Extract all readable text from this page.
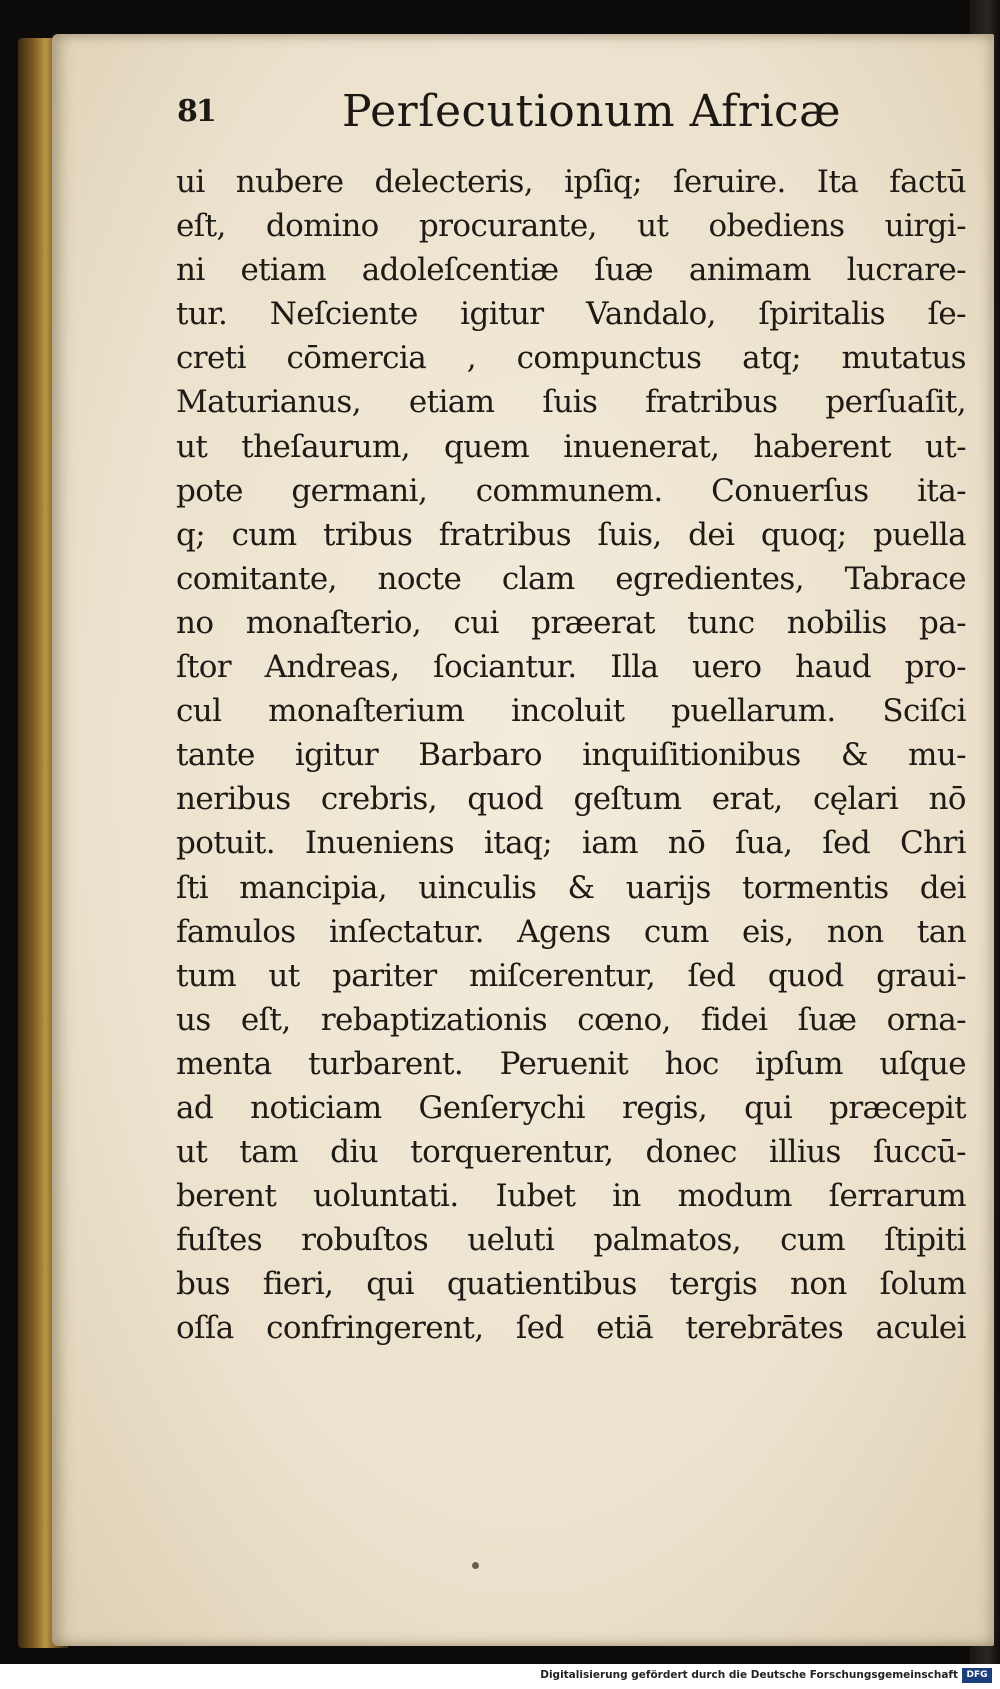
81	Perſecutionum Africæ
ui nubere delecteris, ipſiq; ſeruire. Ita factū
eſt, domino procurante, ut obediens uirgi-
ni etiam adoleſcentiæ ſuæ animam lucrare-
tur. Neſciente igitur Vandalo, ſpiritalis ſe-
creti cōmercia , compunctus atq; mutatus
Maturianus, etiam ſuis fratribus perſuaſit,
ut theſaurum, quem inuenerat, haberent ut-
pote germani, communem. Conuerſus ita-
q; cum tribus fratribus ſuis, dei quoq; puella
comitante, nocte clam egredientes, Tabrace
no monaſterio, cui præerat tunc nobilis pa-
ſtor Andreas, ſociantur. Illa uero haud pro-
cul monaſterium incoluit puellarum. Sciſci
tante igitur Barbaro inquiſitionibus & mu-
neribus crebris, quod geſtum erat, cęlari nō
potuit. Inueniens itaq; iam nō ſua, ſed Chri
ſti mancipia, uinculis & uarijs tormentis dei
famulos inſectatur. Agens cum eis, non tan
tum ut pariter miſcerentur, ſed quod graui-
us eſt, rebaptizationis cœno, fidei ſuæ orna-
menta turbarent. Peruenit hoc ipſum uſque
ad noticiam Genſerychi regis, qui præcepit
ut tam diu torquerentur, donec illius ſuccū-
berent uoluntati. Iubet in modum ſerrarum
fuſtes robuſtos ueluti palmatos, cum ſtipiti
bus fieri, qui quatientibus tergis non ſolum
oſſa confringerent, ſed etiā terebrātes aculei
Digitalisierung gefördert durch die Deutsche Forschungsgemeinschaft DFG
